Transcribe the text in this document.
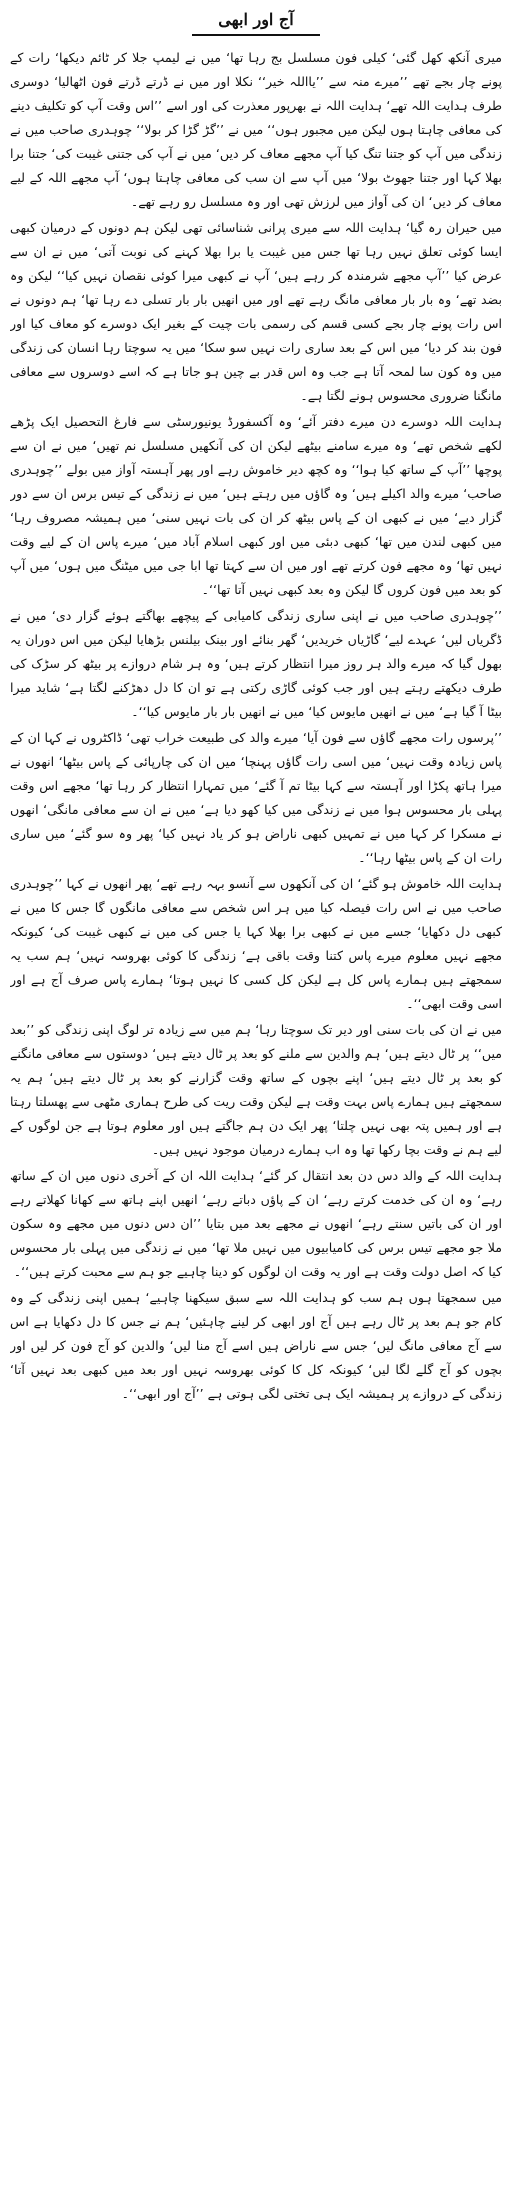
آج اور ابھی

میری آنکھ کھل گئی‘ کیلی فون مسلسل بج رہا تھا‘ میں نے لیمپ جلا کر ٹائم دیکھا‘ رات کے پونے چار بجے تھے ’’میرے منہ سے ’’یااللہ خیر‘‘ نکلا اور میں نے ڈرتے ڈرتے فون اٹھالیا‘ دوسری طرف ہدایت اللہ تھے‘ ہدایت اللہ نے بھرپور معذرت کی اور اسے ’’اس وقت آپ کو تکلیف دینے کی معافی چاہتا ہوں لیکن میں مجبور ہوں‘‘ میں نے ’’گڑ گڑا کر بولا‘‘ چوہدری صاحب میں نے زندگی میں آپ کو جتنا تنگ کیا آپ مجھے معاف کر دیں‘ میں نے آپ کی جتنی غیبت کی‘ جتنا برا بھلا کہا اور جتنا جھوٹ بولا‘ میں آپ سے ان سب کی معافی چاہتا ہوں‘ آپ مجھے اللہ کے لیے معاف کر دیں‘ ان کی آواز میں لرزش تھی اور وہ مسلسل رو رہے تھے۔

میں حیران رہ گیا‘ ہدایت اللہ سے میری پرانی شناسائی تھی لیکن ہم دونوں کے درمیان کبھی ایسا کوئی تعلق نہیں رہا تھا جس میں غیبت یا برا بھلا کہنے کی نوبت آتی‘ میں نے ان سے عرض کیا ’’آپ مجھے شرمندہ کر رہے ہیں‘ آپ نے کبھی میرا کوئی نقصان نہیں کیا‘‘ لیکن وہ بضد تھے‘ وہ بار بار معافی مانگ رہے تھے اور میں انھیں بار بار تسلی دے رہا تھا‘ ہم دونوں نے اس رات پونے چار بجے کسی قسم کی رسمی بات چیت کے بغیر ایک دوسرے کو معاف کیا اور فون بند کر دیا‘ میں اس کے بعد ساری رات نہیں سو سکا‘ میں یہ سوچتا رہا انسان کی زندگی میں وہ کون سا لمحہ آتا ہے جب وہ اس قدر بے چین ہو جاتا ہے کہ اسے دوسروں سے معافی مانگنا ضروری محسوس ہونے لگتا ہے۔

ہدایت اللہ دوسرے دن میرے دفتر آئے‘ وہ آکسفورڈ یونیورسٹی سے فارغ التحصیل ایک پڑھے لکھے شخص تھے‘ وہ میرے سامنے بیٹھے لیکن ان کی آنکھیں مسلسل نم تھیں‘ میں نے ان سے پوچھا ’’آپ کے ساتھ کیا ہوا‘‘ وہ کچھ دیر خاموش رہے اور پھر آہستہ آواز میں بولے ’’چوہدری صاحب‘ میرے والد اکیلے ہیں‘ وہ گاؤں میں رہتے ہیں‘ میں نے زندگی کے تیس برس ان سے دور گزار دیے‘ میں نے کبھی ان کے پاس بیٹھ کر ان کی بات نہیں سنی‘ میں ہمیشہ مصروف رہا‘ میں کبھی لندن میں تھا‘ کبھی دبئی میں اور کبھی اسلام آباد میں‘ میرے پاس ان کے لیے وقت نہیں تھا‘ وہ مجھے فون کرتے تھے اور میں ان سے کہتا تھا ابا جی میں میٹنگ میں ہوں‘ میں آپ کو بعد میں فون کروں گا لیکن وہ بعد کبھی نہیں آتا تھا‘‘۔

’’چوہدری صاحب میں نے اپنی ساری زندگی کامیابی کے پیچھے بھاگتے ہوئے گزار دی‘ میں نے ڈگریاں لیں‘ عہدے لیے‘ گاڑیاں خریدیں‘ گھر بنائے اور بینک بیلنس بڑھایا لیکن میں اس دوران یہ بھول گیا کہ میرے والد ہر روز میرا انتظار کرتے ہیں‘ وہ ہر شام دروازے پر بیٹھ کر سڑک کی طرف دیکھتے رہتے ہیں اور جب کوئی گاڑی رکتی ہے تو ان کا دل دھڑکنے لگتا ہے‘ شاید میرا بیٹا آ گیا ہے‘ میں نے انھیں مایوس کیا‘ میں نے انھیں بار بار مایوس کیا‘‘۔

’’پرسوں رات مجھے گاؤں سے فون آیا‘ میرے والد کی طبیعت خراب تھی‘ ڈاکٹروں نے کہا ان کے پاس زیادہ وقت نہیں‘ میں اسی رات گاؤں پہنچا‘ میں ان کی چارپائی کے پاس بیٹھا‘ انھوں نے میرا ہاتھ پکڑا اور آہستہ سے کہا بیٹا تم آ گئے‘ میں تمہارا انتظار کر رہا تھا‘ مجھے اس وقت پہلی بار محسوس ہوا میں نے زندگی میں کیا کھو دیا ہے‘ میں نے ان سے معافی مانگی‘ انھوں نے مسکرا کر کہا میں نے تمہیں کبھی ناراض ہو کر یاد نہیں کیا‘ پھر وہ سو گئے‘ میں ساری رات ان کے پاس بیٹھا رہا‘‘۔

ہدایت اللہ خاموش ہو گئے‘ ان کی آنکھوں سے آنسو بہہ رہے تھے‘ پھر انھوں نے کہا ’’چوہدری صاحب میں نے اس رات فیصلہ کیا میں ہر اس شخص سے معافی مانگوں گا جس کا میں نے کبھی دل دکھایا‘ جسے میں نے کبھی برا بھلا کہا یا جس کی میں نے کبھی غیبت کی‘ کیونکہ مجھے نہیں معلوم میرے پاس کتنا وقت باقی ہے‘ زندگی کا کوئی بھروسہ نہیں‘ ہم سب یہ سمجھتے ہیں ہمارے پاس کل ہے لیکن کل کسی کا نہیں ہوتا‘ ہمارے پاس صرف آج ہے اور اسی وقت ابھی‘‘۔

میں نے ان کی بات سنی اور دیر تک سوچتا رہا‘ ہم میں سے زیادہ تر لوگ اپنی زندگی کو ’’بعد میں‘‘ پر ٹال دیتے ہیں‘ ہم والدین سے ملنے کو بعد پر ٹال دیتے ہیں‘ دوستوں سے معافی مانگنے کو بعد پر ٹال دیتے ہیں‘ اپنے بچوں کے ساتھ وقت گزارنے کو بعد پر ٹال دیتے ہیں‘ ہم یہ سمجھتے ہیں ہمارے پاس بہت وقت ہے لیکن وقت ریت کی طرح ہماری مٹھی سے پھسلتا رہتا ہے اور ہمیں پتہ بھی نہیں چلتا‘ پھر ایک دن ہم جاگتے ہیں اور معلوم ہوتا ہے جن لوگوں کے لیے ہم نے وقت بچا رکھا تھا وہ اب ہمارے درمیان موجود نہیں ہیں۔

ہدایت اللہ کے والد دس دن بعد انتقال کر گئے‘ ہدایت اللہ ان کے آخری دنوں میں ان کے ساتھ رہے‘ وہ ان کی خدمت کرتے رہے‘ ان کے پاؤں دباتے رہے‘ انھیں اپنے ہاتھ سے کھانا کھلاتے رہے اور ان کی باتیں سنتے رہے‘ انھوں نے مجھے بعد میں بتایا ’’ان دس دنوں میں مجھے وہ سکون ملا جو مجھے تیس برس کی کامیابیوں میں نہیں ملا تھا‘ میں نے زندگی میں پہلی بار محسوس کیا کہ اصل دولت وقت ہے اور یہ وقت ان لوگوں کو دینا چاہیے جو ہم سے محبت کرتے ہیں‘‘۔

میں سمجھتا ہوں ہم سب کو ہدایت اللہ سے سبق سیکھنا چاہیے‘ ہمیں اپنی زندگی کے وہ کام جو ہم بعد پر ٹال رہے ہیں آج اور ابھی کر لینے چاہئیں‘ ہم نے جس کا دل دکھایا ہے اس سے آج معافی مانگ لیں‘ جس سے ناراض ہیں اسے آج منا لیں‘ والدین کو آج فون کر لیں اور بچوں کو آج گلے لگا لیں‘ کیونکہ کل کا کوئی بھروسہ نہیں اور بعد میں کبھی بعد نہیں آتا‘ زندگی کے دروازے پر ہمیشہ ایک ہی تختی لگی ہوتی ہے ’’آج اور ابھی‘‘۔
